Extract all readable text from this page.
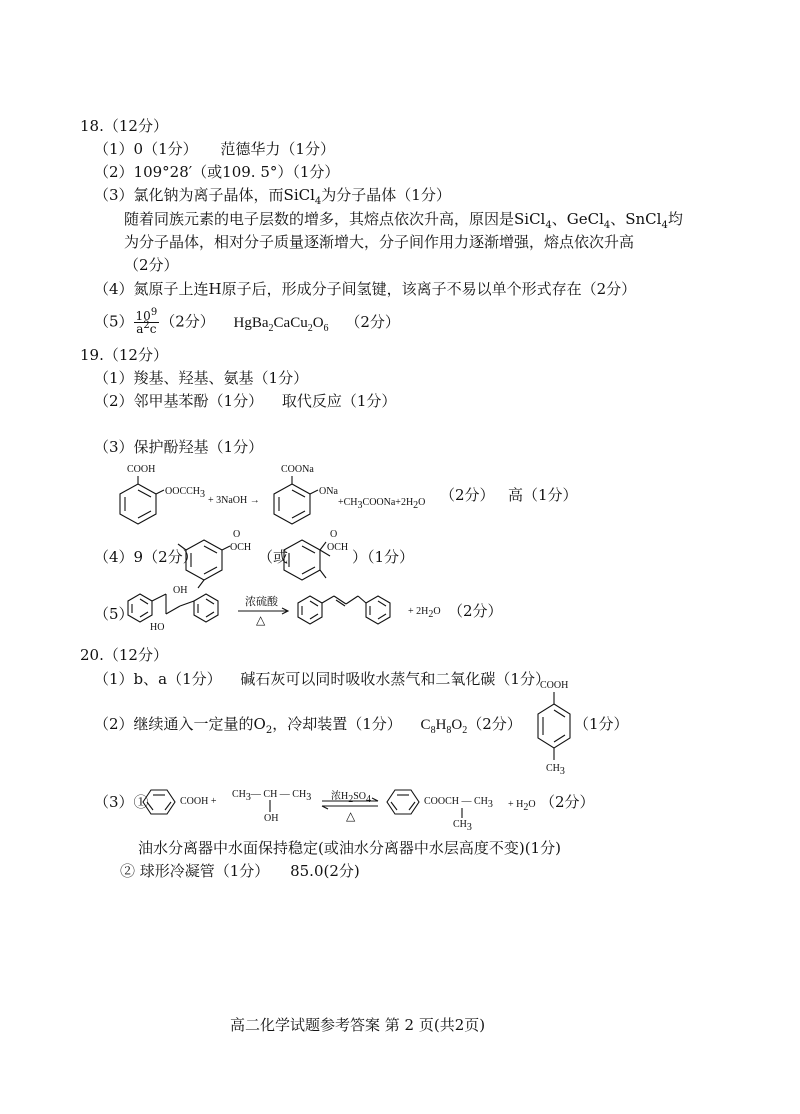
18.（12分）
（1）0（1分） 范德华力（1分）
（2）109°28′（或109. 5°）（1分）
（3）氯化钠为离子晶体，而SiCl$_4$为分子晶体（1分）
随着同族元素的电子层数的增多，其熔点依次升高，原因是SiCl$_4$、GeCl$_4$、SnCl$_4$均
为分子晶体，相对分子质量逐渐增大，分子间作用力逐渐增强，熔点依次升高
（2分）
（4）氮原子上连H原子后，形成分子间氢键，该离子不易以单个形式存在（2分）
$(5) \frac{10^9}{a^2c} (2$分） $HgBa_2CaCu_2O_6$ （2分）
19.（12分）
（1）羧基、羟基、氨基（1分）
（2）邻甲基苯酚（1分） 取代反应（1分）
（3）保护酚羟基（1分）
COOH
$OOCCH_3$
+ 3NaOH →
COONa
ONa
$+CH_3COONa+2H_2O$ （2分） 高（1分）
（4）9（2分）
O
OCH
（或
O
OCH
）（1分）
（5）
OH
HO
浓硫酸
△
+ $2H_2O$ （2分）
20.（12分）
（1）b、a（1分） 碱石灰可以同时吸收水蒸气和二氧化碳（1分）
（2）继续通入一定量的$O_2$，冷却装置（1分） $C_8H_8O_2(2$分）
COOH
$CH_3$
（1分）
（3）①	COOH +
$CH_3—$ CH — $CH_3$
OH
浓$H_2SO_4$
△
COOCH — $CH_3 + H_2O$
$CH_3$
（2分）
油水分离器中水面保持稳定(或油水分离器中水层高度不变)(1分)
② 球形冷凝管（1分） 85.0(2分)
高二化学试题参考答案 第 2 页(共2页)
